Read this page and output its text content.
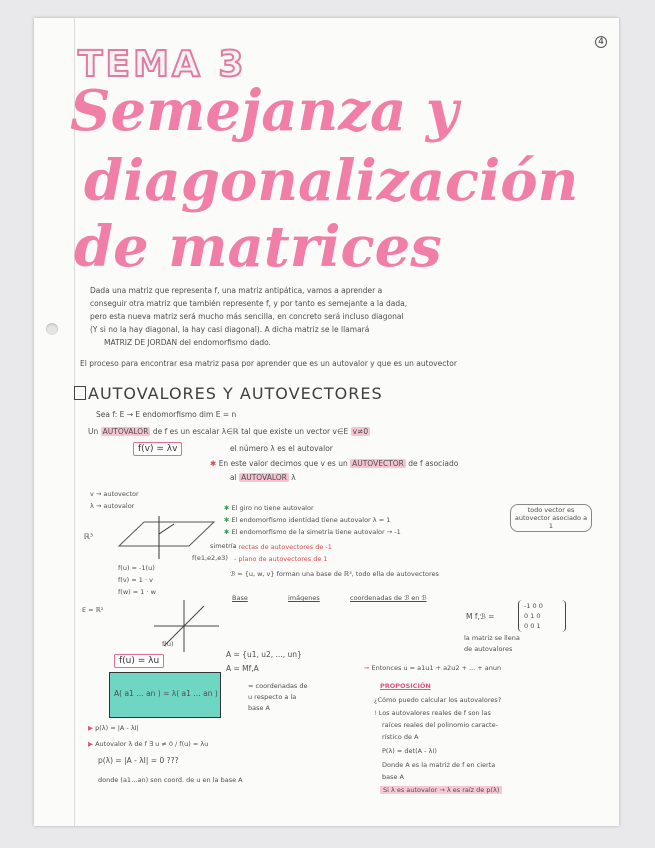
4
TEMA 3
Semejanza y
diagonalización
de matrices
Dada una matriz que representa f, una matriz antipática, vamos a aprender a
conseguir otra matriz que también represente f, y por tanto es semejante a la dada,
pero esta nueva matriz será mucho más sencilla, en concreto será incluso diagonal
(Y si no la hay diagonal, la hay casi diagonal). A dicha matriz se le llamará
MATRIZ DE JORDAN del endomorfismo dado.
El proceso para encontrar esa matriz pasa por aprender que es un autovalor y que es un autovector
AUTOVALORES Y AUTOVECTORES
Sea f: E → E endomorfismo dim E = n
Un AUTOVALOR de f es un escalar λ∈ℝ tal que existe un vector v∈E v≠0
f(v) = λv	el número λ es el autovalor
✱ En este valor decimos que v es un AUTOVECTOR de f asociado
al AUTOVALOR λ
v → autovector
λ → autovalor	✱ El giro no tiene autovalor
✱ El endomorfismo identidad tiene autovalor λ = 1
✱ El endomorfismo de la simetría tiene autovalor → -1
todo vector es autovector asociado a 1
- rectas de autovectores de -1
- plano de autovectores de 1
ℝ³
simetría
f(e1,e2,e3)
f(u) = -1(u)
f(v) = 1 · v
f(w) = 1 · w
ℬ = {u, w, v} forman una base de ℝ³, todo ella de autovectores
Base	imágenes	coordenadas de ℬ en ℬ
M f,ℬ =
-1 0 0
0 1 0
0 0 1
la matriz se llena
de autovalores
E = ℝ²
f(u)
f(u) = λu
A( a1 … an ) = λ( a1 … an )
A = {u1, u2, ..., un}
A = Mf,A
= coordenadas de
u respecto a la
base A
➞ Entonces u = a1u1 + a2u2 + ... + anun
PROPOSICIÓN
¿Cómo puedo calcular los autovalores?
! Los autovalores reales de f son las
raíces reales del polinomio caracte-
rístico de A
P(λ) = det(A - λI)
Donde A es la matriz de f en cierta
base A
Si λ es autovalor → λ es raíz de p(λ)
▶ p(λ) = |A - λI|
▶ Autovalor λ de f ∃ u ≠ 0 / f(u) = λu
p(λ) = |A - λI| = 0 ???
donde (a1…an) son coord. de u en la base A
